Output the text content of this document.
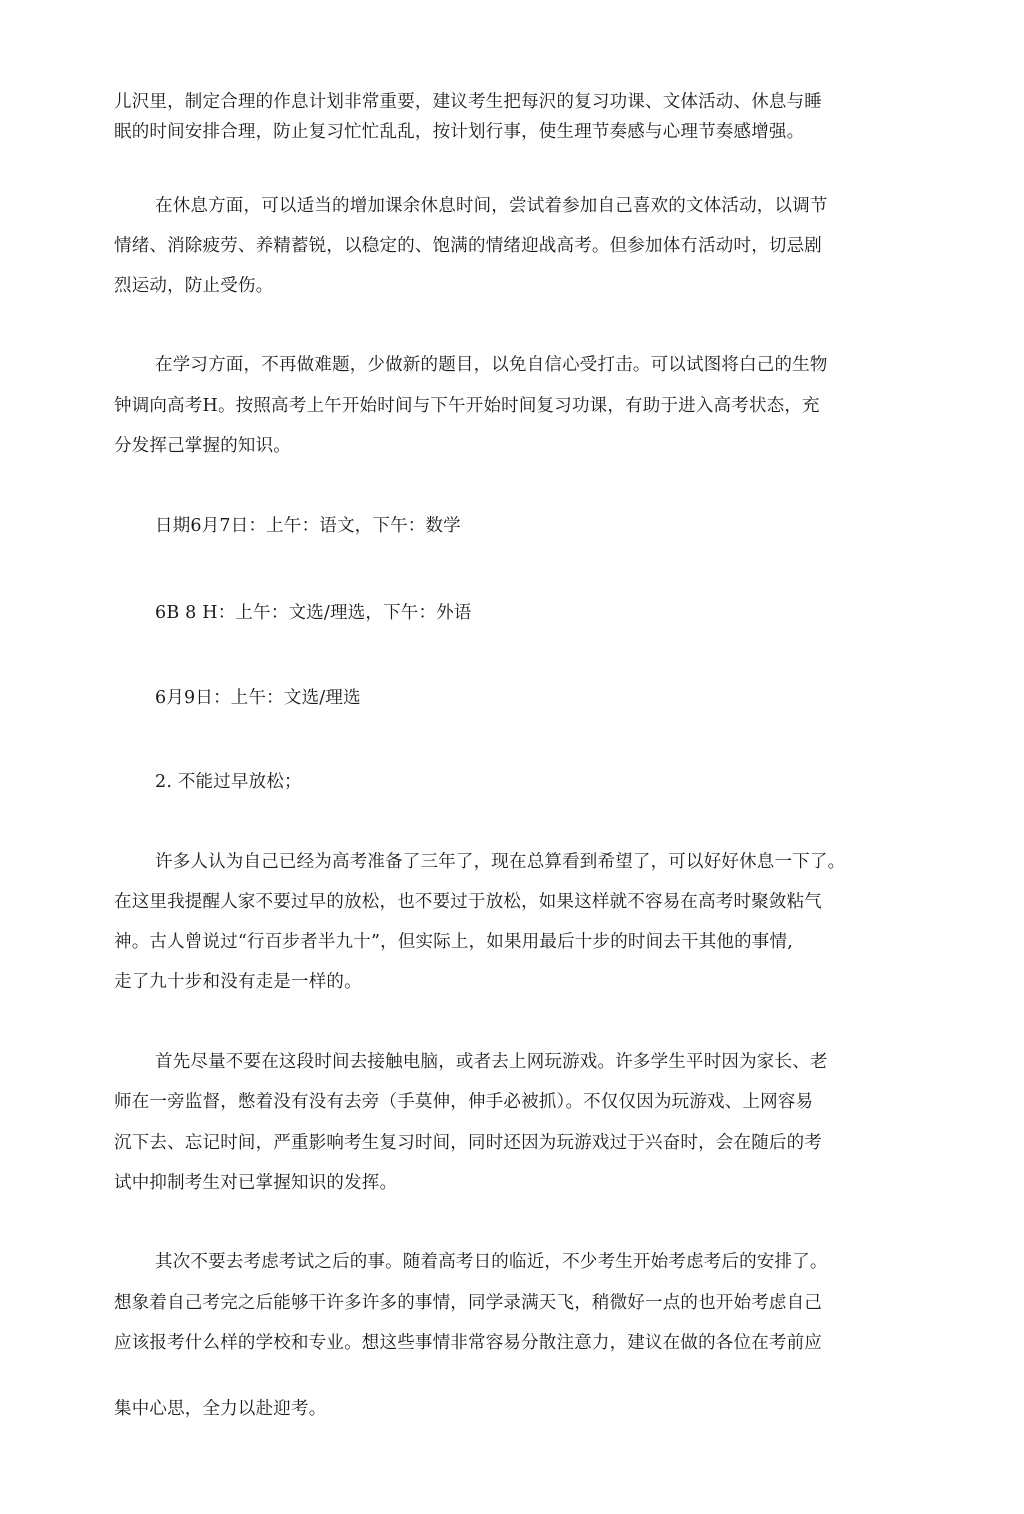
儿沢里，制定合理的作息计划非常重要，建议考生把每沢的复习功课、文体活动、休息与睡
眠的时间安排合理，防止复习忙忙乱乱，按计划行事，使生理节奏感与心理节奏感增强。
在休息方面，可以适当的增加课余休息时间，尝试着参加自己喜欢的文体活动，以调节
情绪、消除疲劳、养精蓄锐，以稳定的、饱满的情绪迎战高考。但参加体冇活动吋，切忌剧
烈运动，防止受伤。
在学习方面，不再做难题，少做新的题目，以免自信心受打击。可以试图将白己的生物
钟调向高考H。按照高考上午开始时间与下午开始时间复习功课，有助于进入高考状态，充
分发挥己掌握的知识。
日期6月7日：上午：语文，下午：数学
6B 8 H：上午：文选/理选，下午：外语
6月9日：上午：文选/理选
2. 不能过早放松；
许多人认为自己已经为高考准备了三年了，现在总算看到希望了，可以好好休息一下了。
在这里我提醒人家不要过早的放松，也不要过于放松，如果这样就不容易在高考时聚敛粘气
神。古人曾说过“行百步者半九十”，但实际上，如果用最后十步的时间去干其他的事情,
走了九十步和没有走是一样的。
首先尽量不要在这段时间去接触电脑，或者去上网玩游戏。许多学生平时因为家长、老
师在一旁监督，憋着没有没有去旁（手莫伸，伸手必被抓）。不仅仅因为玩游戏、上网容易
沉下去、忘记时间，严重影响考生复习时间，同时还因为玩游戏过于兴奋时，会在随后的考
试中抑制考生对已掌握知识的发挥。
其次不要去考虑考试之后的事。随着高考日的临近，不少考生开始考虑考后的安排了。
想象着自己考完之后能够干许多许多的事情，同学录满天飞，稍微好一点的也开始考虑自己
应该报考什么样的学校和专业。想这些事情非常容易分散注意力，建议在做的各位在考前应
集中心思，全力以赴迎考。
